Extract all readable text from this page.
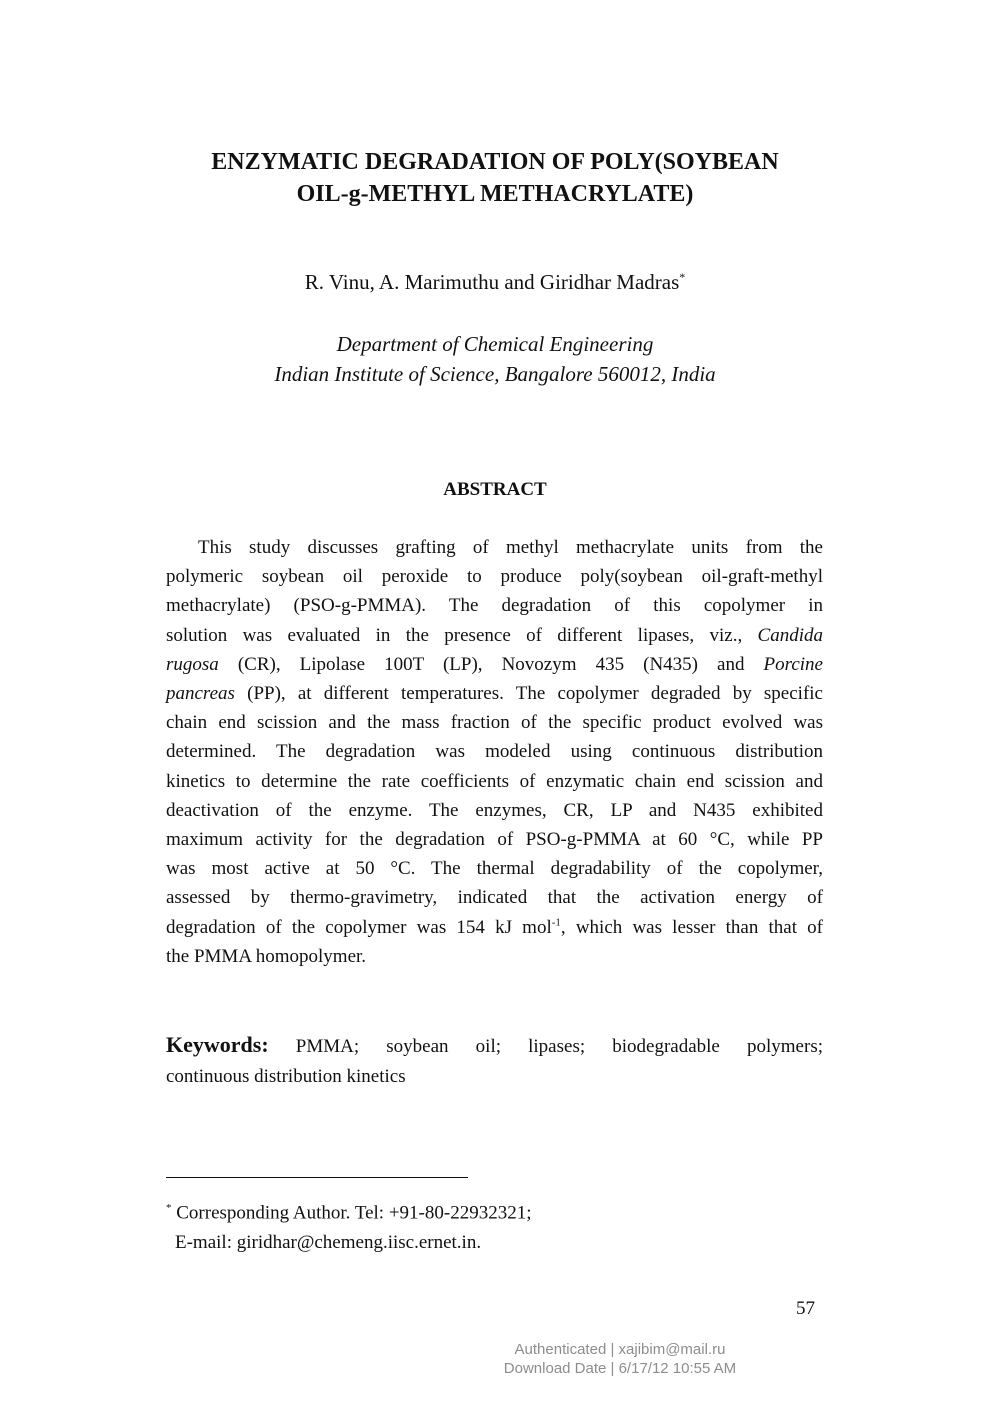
ENZYMATIC DEGRADATION OF POLY(SOYBEAN
OIL-g-METHYL METHACRYLATE)
R. Vinu, A. Marimuthu and Giridhar Madras*
Department of Chemical Engineering
Indian Institute of Science, Bangalore 560012, India
ABSTRACT
This study discusses grafting of methyl methacrylate units from the
polymeric soybean oil peroxide to produce poly(soybean oil-graft-methyl
methacrylate) (PSO-g-PMMA). The degradation of this copolymer in
solution was evaluated in the presence of different lipases, viz., Candida
rugosa (CR), Lipolase 100T (LP), Novozym 435 (N435) and Porcine
pancreas (PP), at different temperatures. The copolymer degraded by specific
chain end scission and the mass fraction of the specific product evolved was
determined. The degradation was modeled using continuous distribution
kinetics to determine the rate coefficients of enzymatic chain end scission and
deactivation of the enzyme. The enzymes, CR, LP and N435 exhibited
maximum activity for the degradation of PSO-g-PMMA at 60 °C, while PP
was most active at 50 °C. The thermal degradability of the copolymer,
assessed by thermo-gravimetry, indicated that the activation energy of
degradation of the copolymer was 154 kJ mol$^{-1}$, which was lesser than that of
the PMMA homopolymer.
Keywords: PMMA; soybean oil; lipases; biodegradable polymers;
continuous distribution kinetics
* Corresponding Author. Tel: +91-80-22932321;
E-mail: giridhar@chemeng.iisc.ernet.in.
57
Authenticated | xajibim@mail.ru
Download Date | 6/17/12 10:55 AM
